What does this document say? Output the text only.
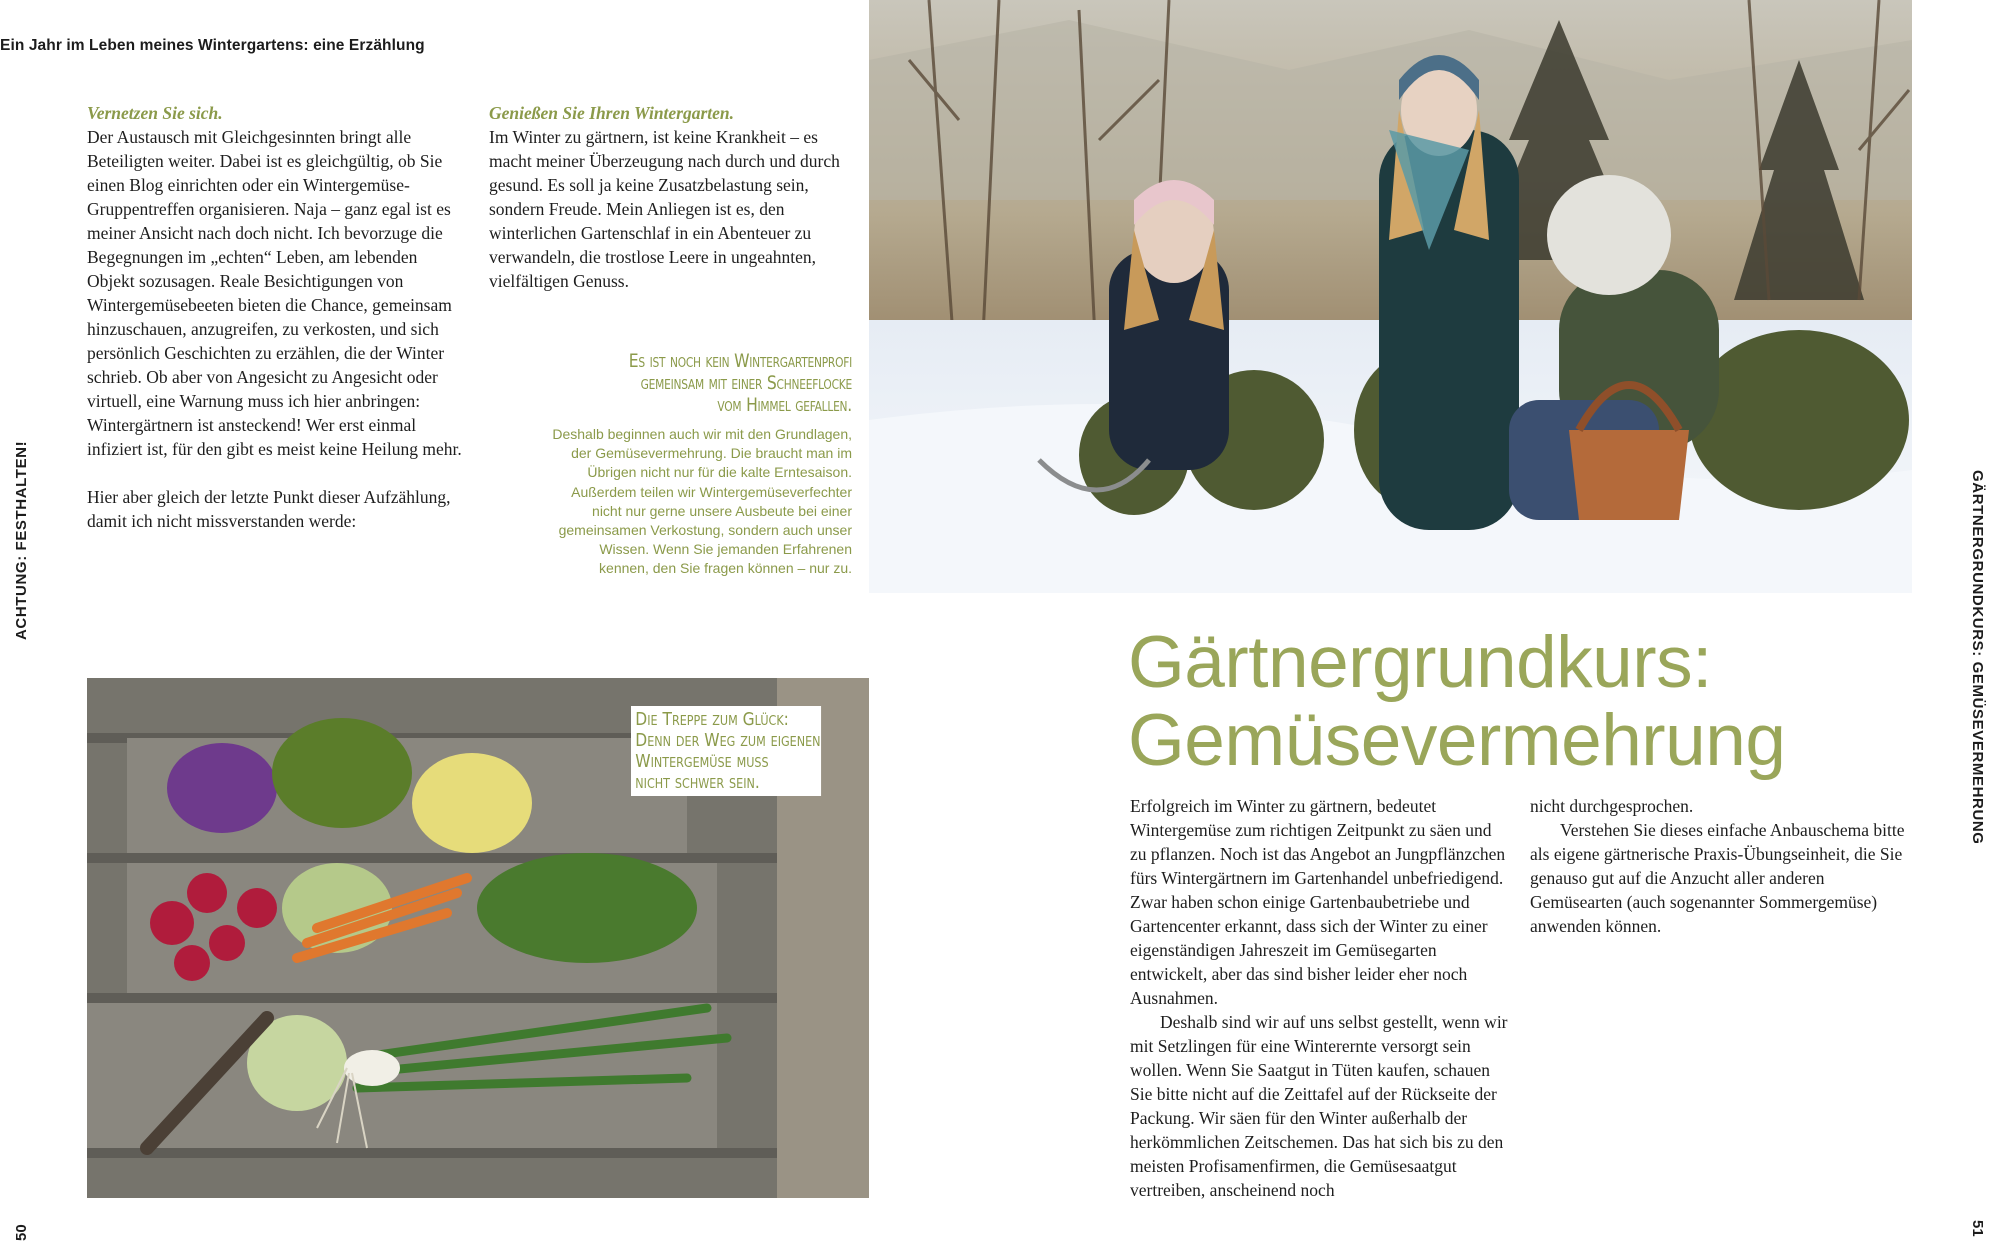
Ein Jahr im Leben meines Wintergartens: eine Erzählung
Vernetzen Sie sich.

Der Austausch mit Gleichgesinnten bringt alle Beteiligten weiter. Dabei ist es gleichgültig, ob Sie einen Blog einrichten oder ein Wintergemüse-Gruppentreffen organisieren. Naja – ganz egal ist es meiner Ansicht nach doch nicht. Ich bevorzuge die Begegnungen im „echten“ Leben, am lebenden Objekt sozusagen. Reale Besichtigungen von Wintergemüsebeeten bieten die Chance, gemeinsam hinzuschauen, anzugreifen, zu verkosten, und sich persönlich Geschichten zu erzählen, die der Winter schrieb. Ob aber von Angesicht zu Angesicht oder virtuell, eine Warnung muss ich hier anbringen: Wintergärtnern ist ansteckend! Wer erst einmal infiziert ist, für den gibt es meist keine Heilung mehr.

Hier aber gleich der letzte Punkt dieser Aufzählung, damit ich nicht missverstanden werde:

Genießen Sie Ihren Wintergarten.

Im Winter zu gärtnern, ist keine Krankheit – es macht meiner Überzeugung nach durch und durch gesund. Es soll ja keine Zusatzbelastung sein, sondern Freude. Mein Anliegen ist es, den winterlichen Gartenschlaf in ein Abenteuer zu verwandeln, die trostlose Leere in ungeahnten, vielfältigen Genuss.

Es ist noch kein Wintergartenprofi
gemeinsam mit einer Schneeflocke
vom Himmel gefallen.
Deshalb beginnen auch wir mit den Grundlagen, der Gemüsevermehrung. Die braucht man im Übrigen nicht nur für die kalte Erntesaison. Außerdem teilen wir Wintergemüseverfechter nicht nur gerne unsere Ausbeute bei einer gemeinsamen Verkostung, sondern auch unser Wissen. Wenn Sie jemanden Erfahrenen kennen, den Sie fragen können – nur zu.
Die Treppe zum Glück:
Denn der Weg zum eigenen
Wintergemüse muss
nicht schwer sein.
Gärtnergrundkurs:
Gemüsevermehrung

Erfolgreich im Winter zu gärtnern, bedeutet Wintergemüse zum richtigen Zeitpunkt zu säen und zu pflanzen. Noch ist das Angebot an Jungpflänzchen fürs Wintergärtnern im Gartenhandel unbefriedigend. Zwar haben schon einige Gartenbaubetriebe und Gartencenter erkannt, dass sich der Winter zu einer eigenständigen Jahreszeit im Gemüsegarten entwickelt, aber das sind bisher leider eher noch Ausnahmen.

Deshalb sind wir auf uns selbst gestellt, wenn wir mit Setzlingen für eine Winterernte versorgt sein wollen. Wenn Sie Saatgut in Tüten kaufen, schauen Sie bitte nicht auf die Zeittafel auf der Rückseite der Packung. Wir säen für den Winter außerhalb der herkömmlichen Zeitschemen. Das hat sich bis zu den meisten Profisamenfirmen, die Gemüsesaatgut vertreiben, anscheinend noch

nicht durchgesprochen.

Verstehen Sie dieses einfache Anbauschema bitte als eigene gärtnerische Praxis-Übungseinheit, die Sie genauso gut auf die Anzucht aller anderen Gemüsearten (auch sogenannter Sommergemüse) anwenden können.

ACHTUNG: FESTHALTEN!	GÄRTNERGRUNDKURS: GEMÜSEVERMEHRUNG
50	51
